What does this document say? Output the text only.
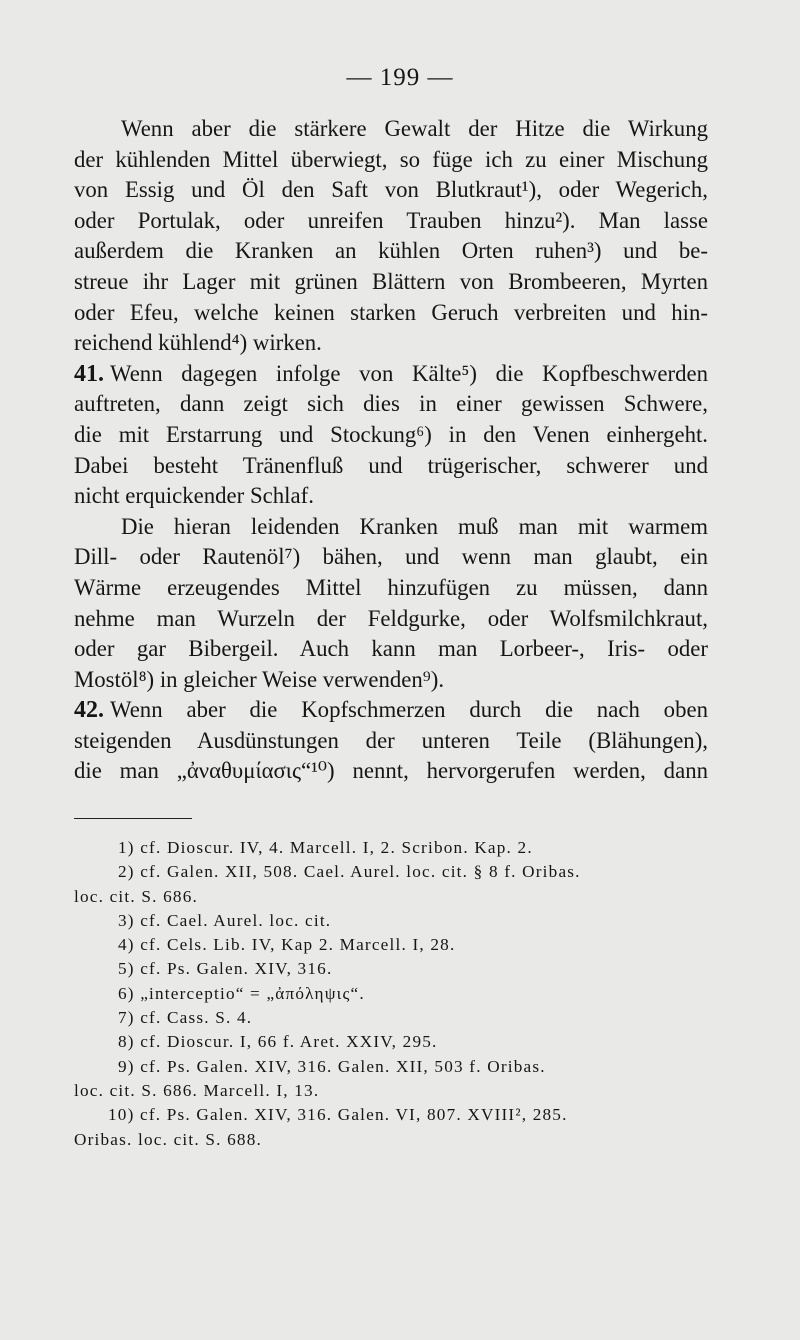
— 199 —

Wenn aber die stärkere Gewalt der Hitze die Wirkung

der kühlenden Mittel überwiegt, so füge ich zu einer Mischung

von Essig und Öl den Saft von Blutkraut¹), oder Wegerich,

oder Portulak, oder unreifen Trauben hinzu²). Man lasse

außerdem die Kranken an kühlen Orten ruhen³) und be-

streue ihr Lager mit grünen Blättern von Brombeeren, Myrten

oder Efeu, welche keinen starken Geruch verbreiten und hin-

reichend kühlend⁴) wirken.

41. Wenn dagegen infolge von Kälte⁵) die Kopfbeschwerden

auftreten, dann zeigt sich dies in einer gewissen Schwere,

die mit Erstarrung und Stockung⁶) in den Venen einhergeht.

Dabei besteht Tränenfluß und trügerischer, schwerer und

nicht erquickender Schlaf.

Die hieran leidenden Kranken muß man mit warmem

Dill- oder Rautenöl⁷) bähen, und wenn man glaubt, ein

Wärme erzeugendes Mittel hinzufügen zu müssen, dann

nehme man Wurzeln der Feldgurke, oder Wolfsmilchkraut,

oder gar Bibergeil. Auch kann man Lorbeer-, Iris- oder

Mostöl⁸) in gleicher Weise verwenden⁹).

42. Wenn aber die Kopfschmerzen durch die nach oben

steigenden Ausdünstungen der unteren Teile (Blähungen),

die man „ἀναθυμίασις“¹⁰) nennt, hervorgerufen werden, dann

1) cf. Dioscur. IV, 4. Marcell. I, 2. Scribon. Kap. 2.

2) cf. Galen. XII, 508. Cael. Aurel. loc. cit. § 8 f. Oribas.

loc. cit. S. 686.

3) cf. Cael. Aurel. loc. cit.

4) cf. Cels. Lib. IV, Kap 2. Marcell. I, 28.

5) cf. Ps. Galen. XIV, 316.

6) „interceptio“ = „ἀπόληψις“.

7) cf. Cass. S. 4.

8) cf. Dioscur. I, 66 f. Aret. XXIV, 295.

9) cf. Ps. Galen. XIV, 316. Galen. XII, 503 f. Oribas.

loc. cit. S. 686. Marcell. I, 13.

10) cf. Ps. Galen. XIV, 316. Galen. VI, 807. XVIII², 285.

Oribas. loc. cit. S. 688.
